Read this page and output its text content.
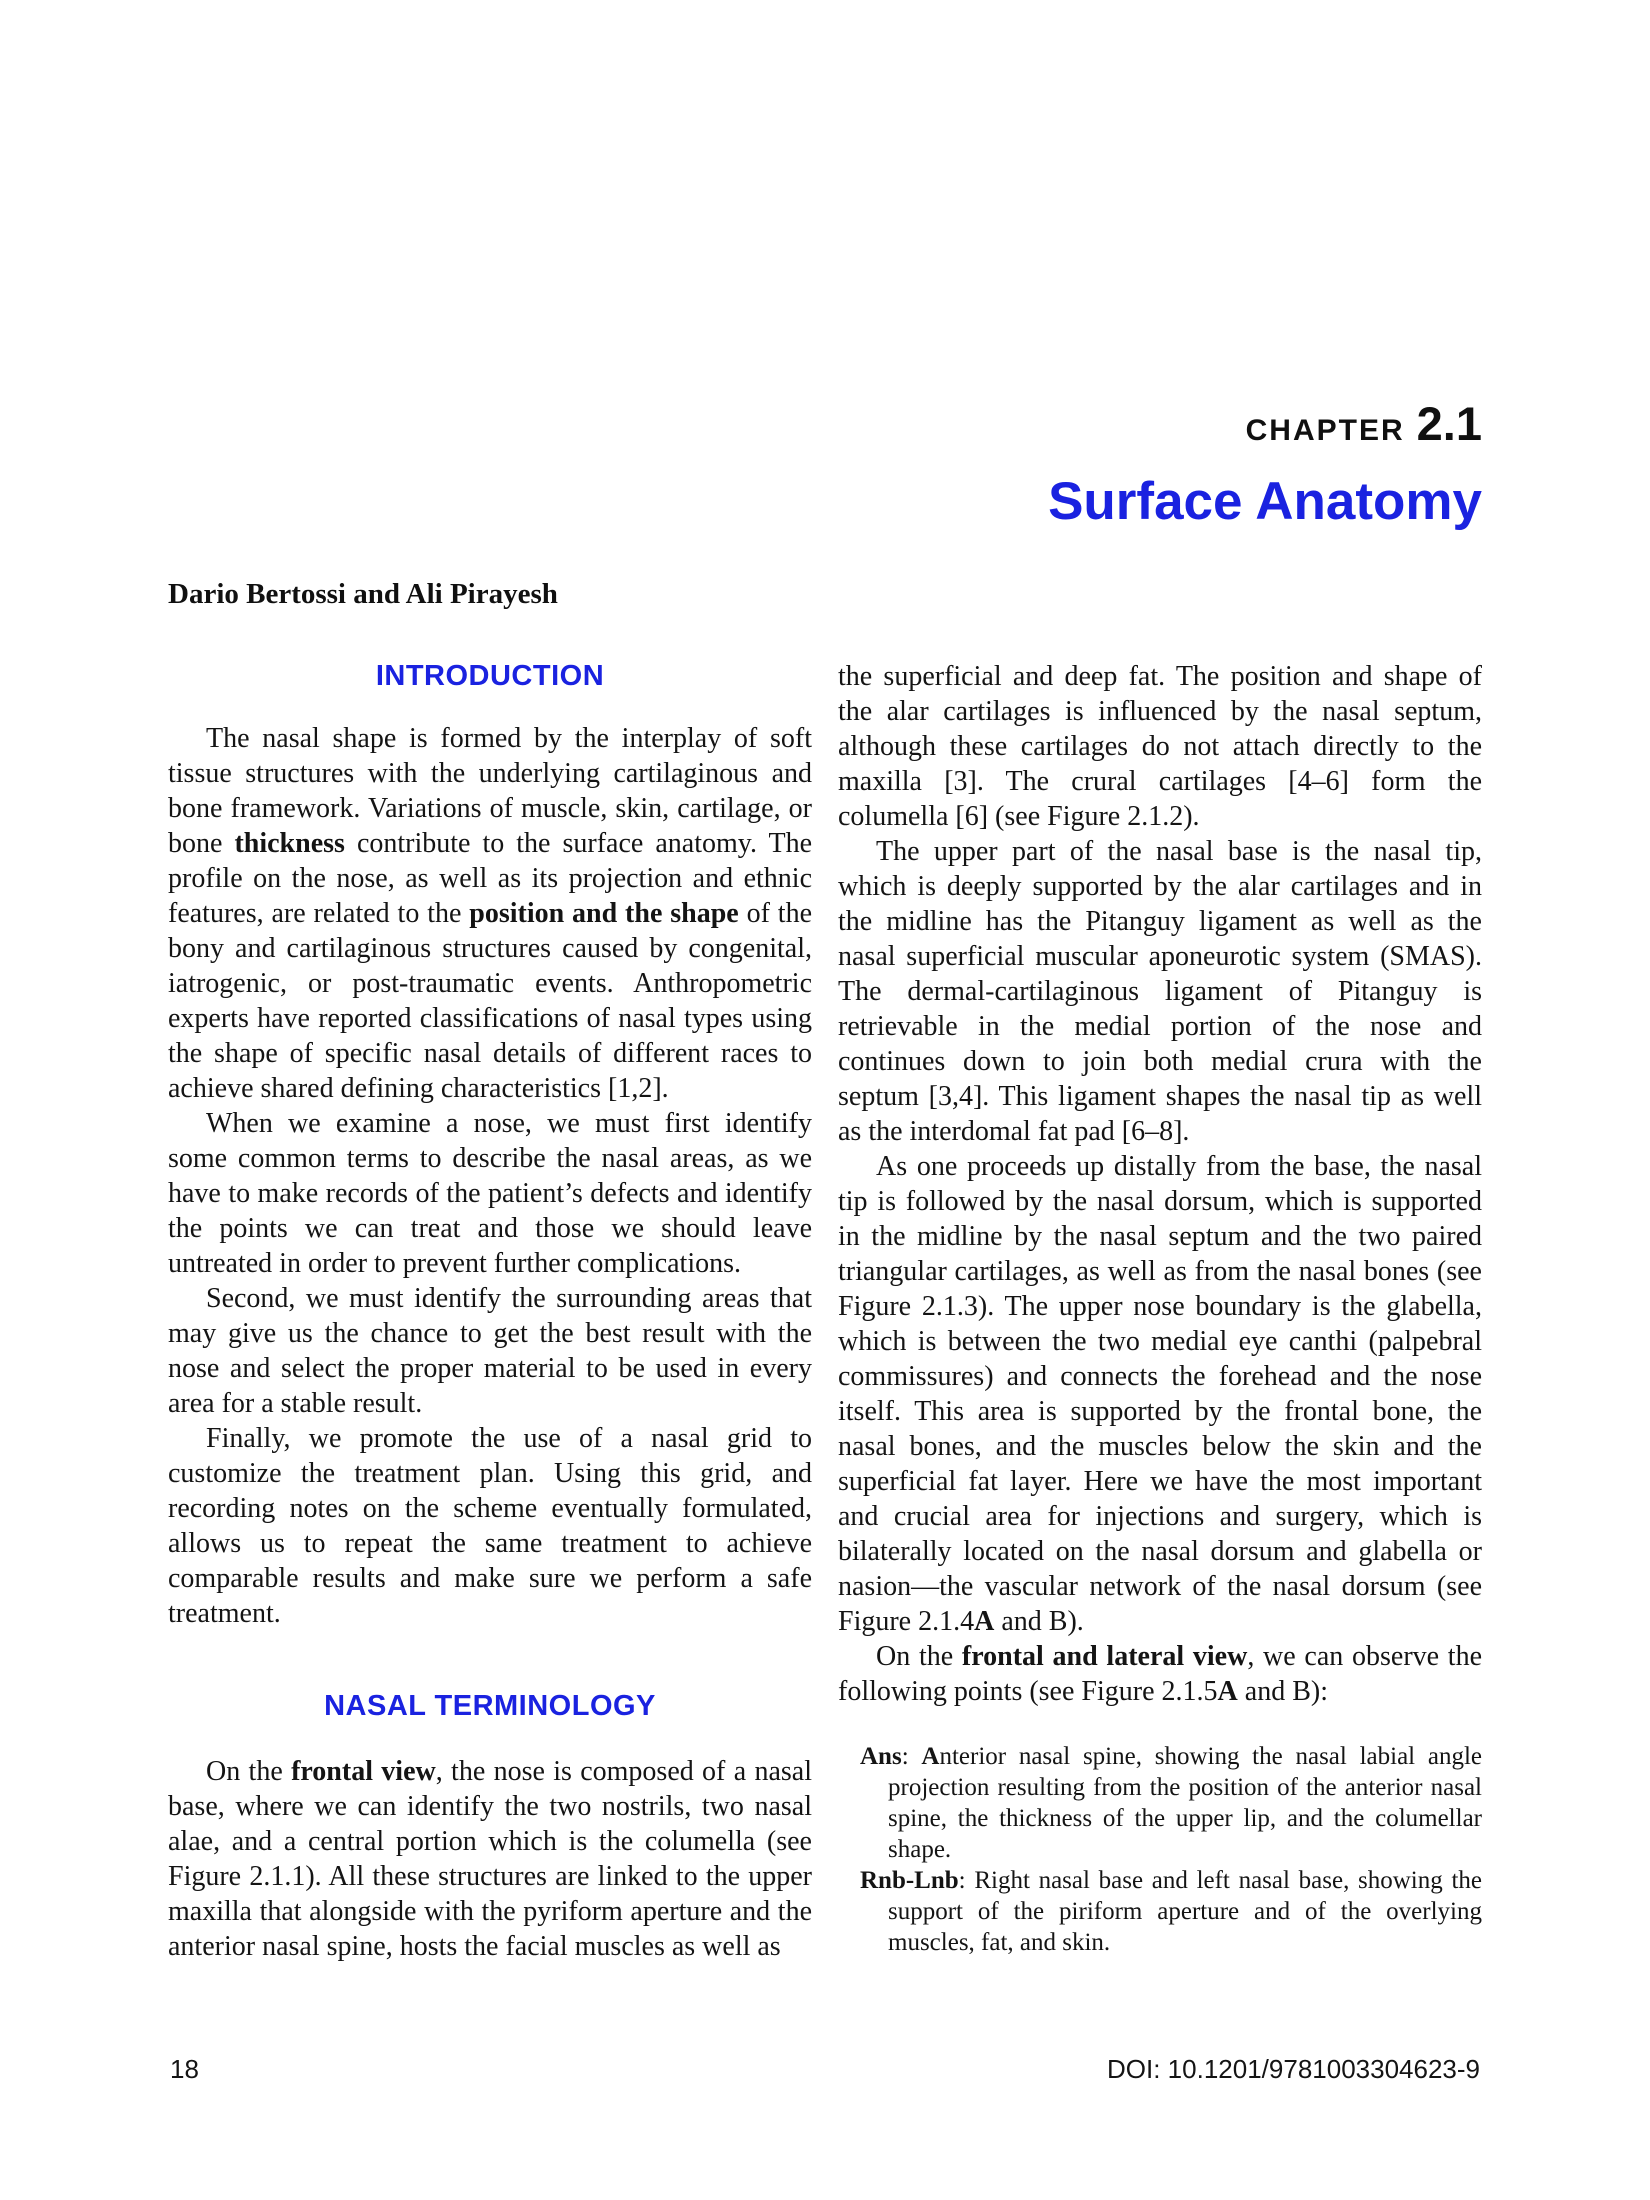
CHAPTER 2.1
Surface Anatomy
Dario Bertossi and Ali Pirayesh
INTRODUCTION

The nasal shape is formed by the interplay of soft tissue structures with the underlying cartilaginous and bone framework. Variations of muscle, skin, cartilage, or bone thickness contribute to the surface anatomy. The profile on the nose, as well as its projection and ethnic features, are related to the position and the shape of the bony and cartilaginous structures caused by congenital, iatrogenic, or post-traumatic events. Anthropometric experts have reported classifications of nasal types using the shape of specific nasal details of different races to achieve shared defining characteristics [1,2].

When we examine a nose, we must first identify some common terms to describe the nasal areas, as we have to make records of the patient’s defects and identify the points we can treat and those we should leave untreated in order to prevent further complications.

Second, we must identify the surrounding areas that may give us the chance to get the best result with the nose and select the proper material to be used in every area for a stable result.

Finally, we promote the use of a nasal grid to customize the treatment plan. Using this grid, and recording notes on the scheme eventually formulated, allows us to repeat the same treatment to achieve comparable results and make sure we perform a safe treatment.

NASAL TERMINOLOGY

On the frontal view, the nose is composed of a nasal base, where we can identify the two nostrils, two nasal alae, and a central portion which is the columella (see Figure 2.1.1). All these structures are linked to the upper maxilla that alongside with the pyriform aperture and the anterior nasal spine, hosts the facial muscles as well as

the superficial and deep fat. The position and shape of the alar cartilages is influenced by the nasal septum, although these cartilages do not attach directly to the maxilla [3]. The crural cartilages [4–6] form the columella [6] (see Figure 2.1.2).

The upper part of the nasal base is the nasal tip, which is deeply supported by the alar cartilages and in the midline has the Pitanguy ligament as well as the nasal superficial muscular aponeurotic system (SMAS). The dermal-cartilaginous ligament of Pitanguy is retrievable in the medial portion of the nose and continues down to join both medial crura with the septum [3,4]. This ligament shapes the nasal tip as well as the interdomal fat pad [6–8].

As one proceeds up distally from the base, the nasal tip is followed by the nasal dorsum, which is supported in the midline by the nasal septum and the two paired triangular cartilages, as well as from the nasal bones (see Figure 2.1.3). The upper nose boundary is the glabella, which is between the two medial eye canthi (palpebral commissures) and connects the forehead and the nose itself. This area is supported by the frontal bone, the nasal bones, and the muscles below the skin and the superficial fat layer. Here we have the most important and crucial area for injections and surgery, which is bilaterally located on the nasal dorsum and glabella or nasion—the vascular network of the nasal dorsum (see Figure 2.1.4A and B).

On the frontal and lateral view, we can observe the following points (see Figure 2.1.5A and B):

Ans: Anterior nasal spine, showing the nasal labial angle projection resulting from the position of the anterior nasal spine, the thickness of the upper lip, and the columellar shape.

Rnb-Lnb: Right nasal base and left nasal base, showing the support of the piriform aperture and of the overlying muscles, fat, and skin.

18	DOI: 10.1201/9781003304623-9
